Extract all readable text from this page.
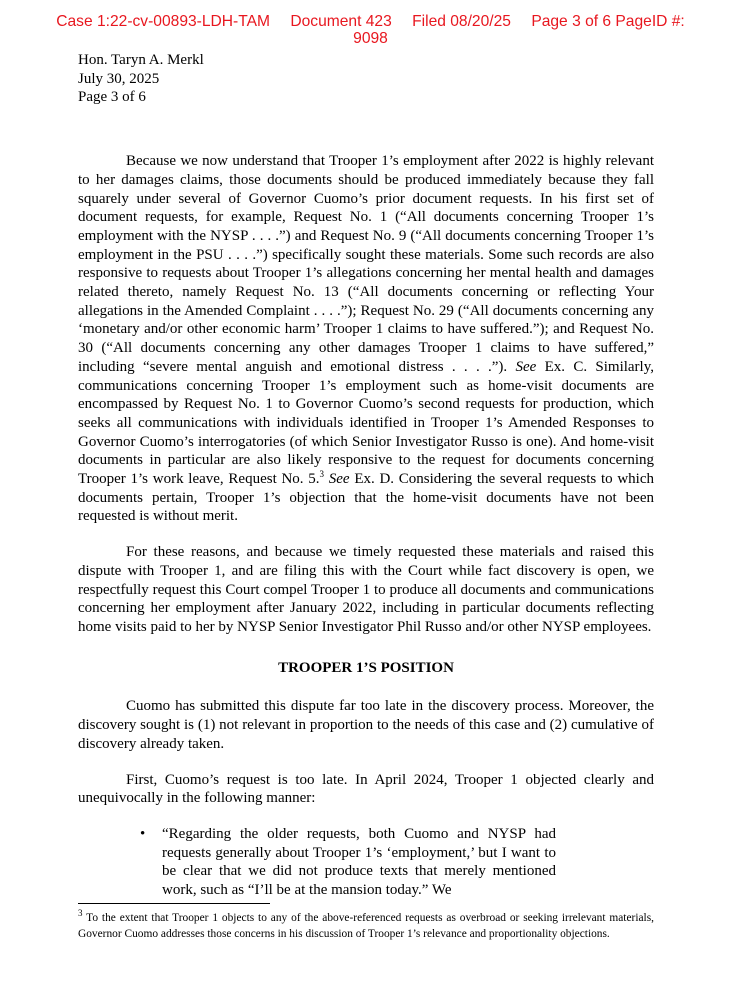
Case 1:22-cv-00893-LDH-TAM Document 423 Filed 08/20/25 Page 3 of 6 PageID #:
9098
Hon. Taryn A. Merkl
July 30, 2025
Page 3 of 6

Because we now understand that Trooper 1’s employment after 2022 is highly relevant to her damages claims, those documents should be produced immediately because they fall squarely under several of Governor Cuomo’s prior document requests. In his first set of document requests, for example, Request No. 1 (“All documents concerning Trooper 1’s employment with the NYSP . . . .”) and Request No. 9 (“All documents concerning Trooper 1’s employment in the PSU . . . .”) specifically sought these materials. Some such records are also responsive to requests about Trooper 1’s allegations concerning her mental health and damages related thereto, namely Request No. 13 (“All documents concerning or reflecting Your allegations in the Amended Complaint . . . .”); Request No. 29 (“All documents concerning any ‘monetary and/or other economic harm’ Trooper 1 claims to have suffered.”); and Request No. 30 (“All documents concerning any other damages Trooper 1 claims to have suffered,” including “severe mental anguish and emotional distress . . . .”). See Ex. C. Similarly, communications concerning Trooper 1’s employment such as home-visit documents are encompassed by Request No. 1 to Governor Cuomo’s second requests for production, which seeks all communications with individuals identified in Trooper 1’s Amended Responses to Governor Cuomo’s interrogatories (of which Senior Investigator Russo is one). And home-visit documents in particular are also likely responsive to the request for documents concerning Trooper 1’s work leave, Request No. 5.$^3$ See Ex. D. Considering the several requests to which documents pertain, Trooper 1’s objection that the home-visit documents have not been requested is without merit.

For these reasons, and because we timely requested these materials and raised this dispute with Trooper 1, and are filing this with the Court while fact discovery is open, we respectfully request this Court compel Trooper 1 to produce all documents and communications concerning her employment after January 2022, including in particular documents reflecting home visits paid to her by NYSP Senior Investigator Phil Russo and/or other NYSP employees.

TROOPER 1’S POSITION

Cuomo has submitted this dispute far too late in the discovery process. Moreover, the discovery sought is (1) not relevant in proportion to the needs of this case and (2) cumulative of discovery already taken.

First, Cuomo’s request is too late. In April 2024, Trooper 1 objected clearly and unequivocally in the following manner:

• “Regarding the older requests, both Cuomo and NYSP had requests generally about Trooper 1’s ‘employment,’ but I want to be clear that we did not produce texts that merely mentioned work, such as “I’ll be at the mansion today.” We
$^3$ To the extent that Trooper 1 objects to any of the above-referenced requests as overbroad or seeking irrelevant materials, Governor Cuomo addresses those concerns in his discussion of Trooper 1’s relevance and proportionality objections.
